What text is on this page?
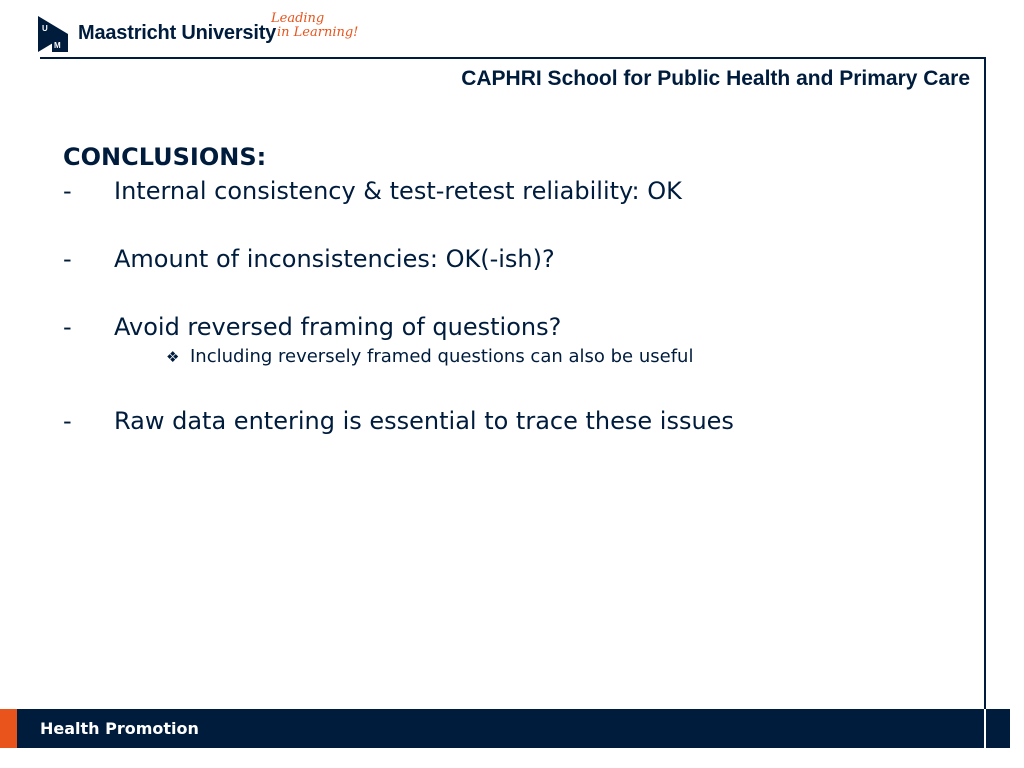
U
M
Maastricht University
Leading
in Learning!
CAPHRI School for Public Health and Primary Care
CONCLUSIONS:
- Internal consistency & test-retest reliability: OK
- Amount of inconsistencies: OK(-ish)?
- Avoid reversed framing of questions?
❖ Including reversely framed questions can also be useful
- Raw data entering is essential to trace these issues
Health Promotion
